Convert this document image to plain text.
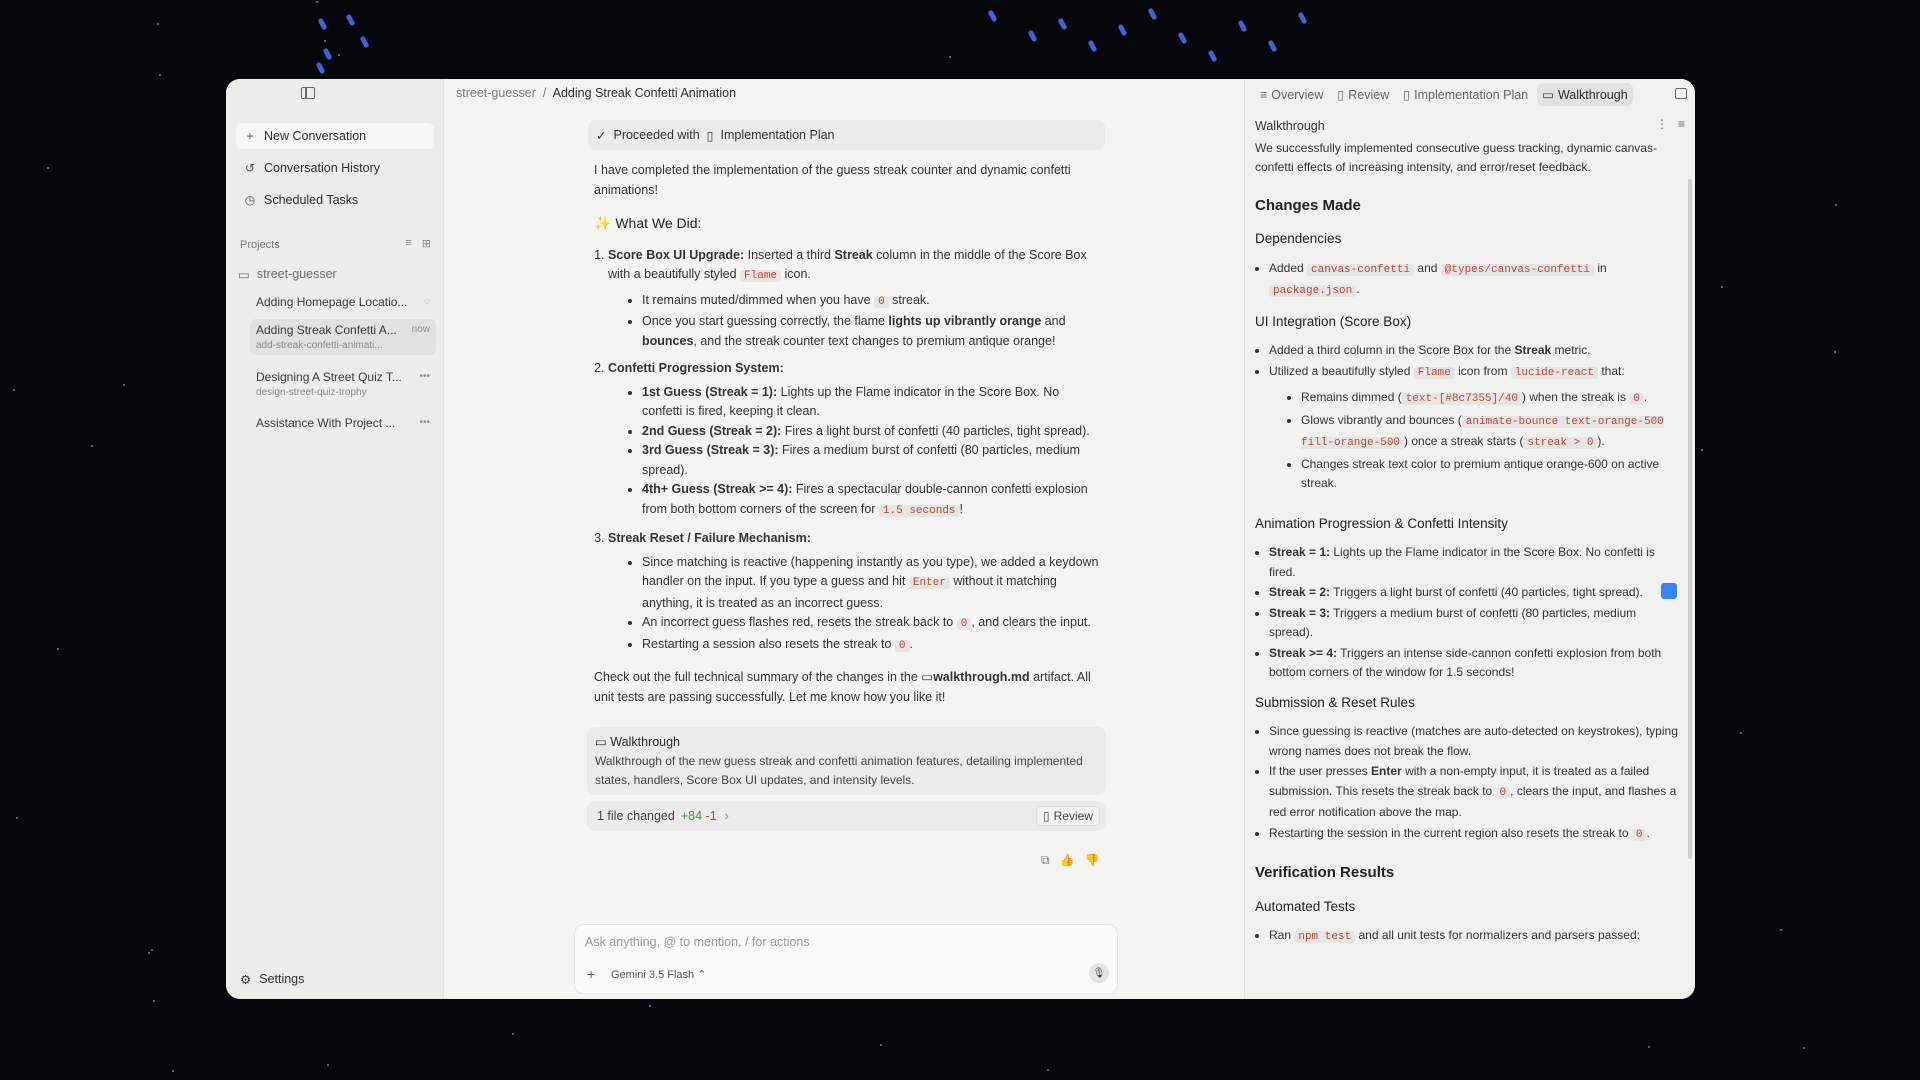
+ New Conversation
↺ Conversation History
◷ Scheduled Tasks
Projects	≡ ⊞
▭ street-guesser
Adding Homepage Locatio...	◌
Adding Streak Confetti A...
add-streak-confetti-animati...
now
Designing A Street Quiz T...
design-street-quiz-trophy
•••
Assistance With Project ...	•••
⚙ Settings
street-guesser / Adding Streak Confetti Animation
✓ Proceeded with ▯ Implementation Plan

I have completed the implementation of the guess streak counter and dynamic confetti animations!

✨ What We Did:
1. Score Box UI Upgrade: Inserted a third Streak column in the middle of the Score Box with a beautifully styled Flame icon.
• It remains muted/dimmed when you have 0 streak.
• Once you start guessing correctly, the flame lights up vibrantly orange and bounces, and the streak counter text changes to premium antique orange!
2. Confetti Progression System:
• 1st Guess (Streak = 1): Lights up the Flame indicator in the Score Box. No confetti is fired, keeping it clean.
• 2nd Guess (Streak = 2): Fires a light burst of confetti (40 particles, tight spread).
• 3rd Guess (Streak = 3): Fires a medium burst of confetti (80 particles, medium spread).
• 4th+ Guess (Streak >= 4): Fires a spectacular double-cannon confetti explosion from both bottom corners of the screen for 1.5 seconds !
3. Streak Reset / Failure Mechanism:
• Since matching is reactive (happening instantly as you type), we added a keydown handler on the input. If you type a guess and hit Enter without it matching anything, it is treated as an incorrect guess.
• An incorrect guess flashes red, resets the streak back to 0 , and clears the input.
• Restarting a session also resets the streak to 0 .

Check out the full technical summary of the changes in the ▭walkthrough.md artifact. All unit tests are passing successfully. Let me know how you like it!

▭ Walkthrough
Walkthrough of the new guess streak and confetti animation features, detailing implemented states, handlers, Score Box UI updates, and intensity levels.
1 file changed +84
-1 ›	▯ Review
⧉ 👍 👎
Ask anything, @ to mention, / for actions
+ Gemini 3.5 Flash ⌃	🎙
≡ Overview ▯ Review ▯ Implementation Plan ▭ Walkthrough
Walkthrough	⋮ ≡

We successfully implemented consecutive guess tracking, dynamic canvas-confetti effects of increasing intensity, and error/reset feedback.

Changes Made
Dependencies
• Added canvas-confetti and @types/canvas-confetti in package.json .
UI Integration (Score Box)
• Added a third column in the Score Box for the Streak metric.
• Utilized a beautifully styled Flame icon from lucide-react that:
• Remains dimmed ( text-[#8c7355]/40 ) when the streak is 0 .
• Glows vibrantly and bounces ( animate-bounce text-orange-500 fill-orange-500 ) once a streak starts ( streak > 0 ).
• Changes streak text color to premium antique orange-600 on active streak.
Animation Progression & Confetti Intensity
• Streak = 1: Lights up the Flame indicator in the Score Box. No confetti is fired.
• Streak = 2: Triggers a light burst of confetti (40 particles, tight spread).
• Streak = 3: Triggers a medium burst of confetti (80 particles, medium spread).
• Streak >= 4: Triggers an intense side-cannon confetti explosion from both bottom corners of the window for 1.5 seconds!
Submission & Reset Rules
• Since guessing is reactive (matches are auto-detected on keystrokes), typing wrong names does not break the flow.
• If the user presses Enter with a non-empty input, it is treated as a failed submission. This resets the streak back to 0 , clears the input, and flashes a red error notification above the map.
• Restarting the session in the current region also resets the streak to 0 .
Verification Results
Automated Tests
• Ran npm test and all unit tests for normalizers and parsers passed:
